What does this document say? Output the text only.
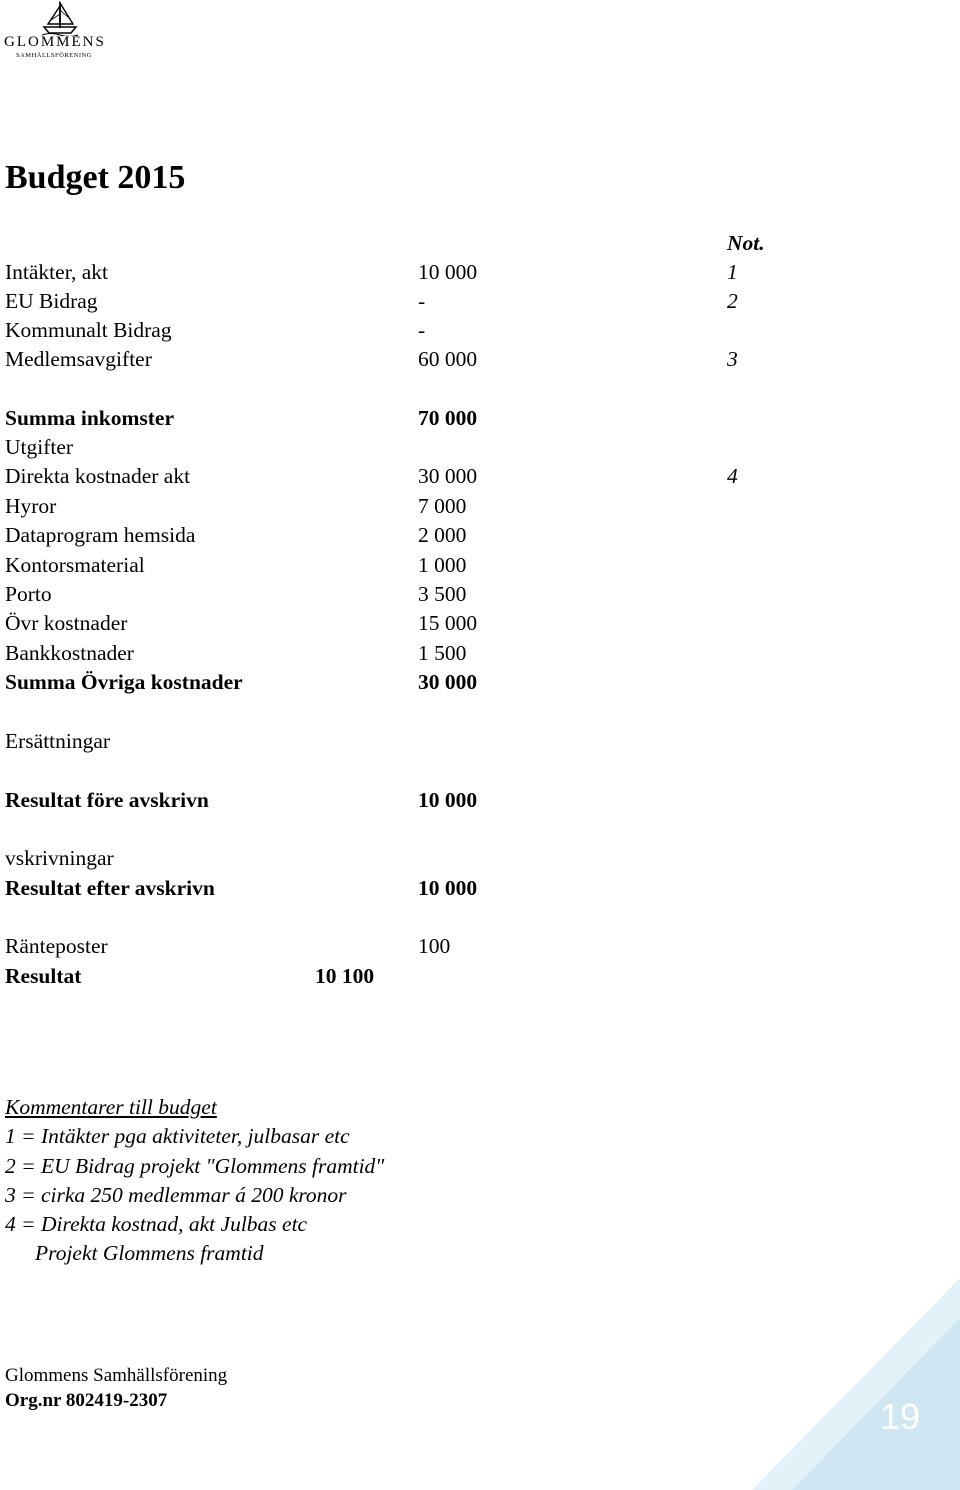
GLOMMENS
SAMHÄLLSFÖRENING
Budget 2015
Not.
Intäkter, akt	10 000	1
EU Bidrag	-	2
Kommunalt Bidrag	-
Medlemsavgifter	60 000	3
Summa inkomster	70 000
Utgifter
Direkta kostnader akt	30 000	4
Hyror	7 000
Dataprogram hemsida	2 000
Kontorsmaterial	1 000
Porto	3 500
Övr kostnader	15 000
Bankkostnader	1 500
Summa Övriga kostnader	30 000
Ersättningar
Resultat före avskrivn	10 000
vskrivningar
Resultat efter avskrivn	10 000
Ränteposter	100
Resultat	10 100
Kommentarer till budget
1 = Intäkter pga aktiviteter, julbasar etc
2 = EU Bidrag projekt "Glommens framtid"
3 = cirka 250 medlemmar á 200 kronor
4 = Direkta kostnad, akt Julbas etc
Projekt Glommens framtid
Glommens Samhällsförening
Org.nr 802419-2307	19
